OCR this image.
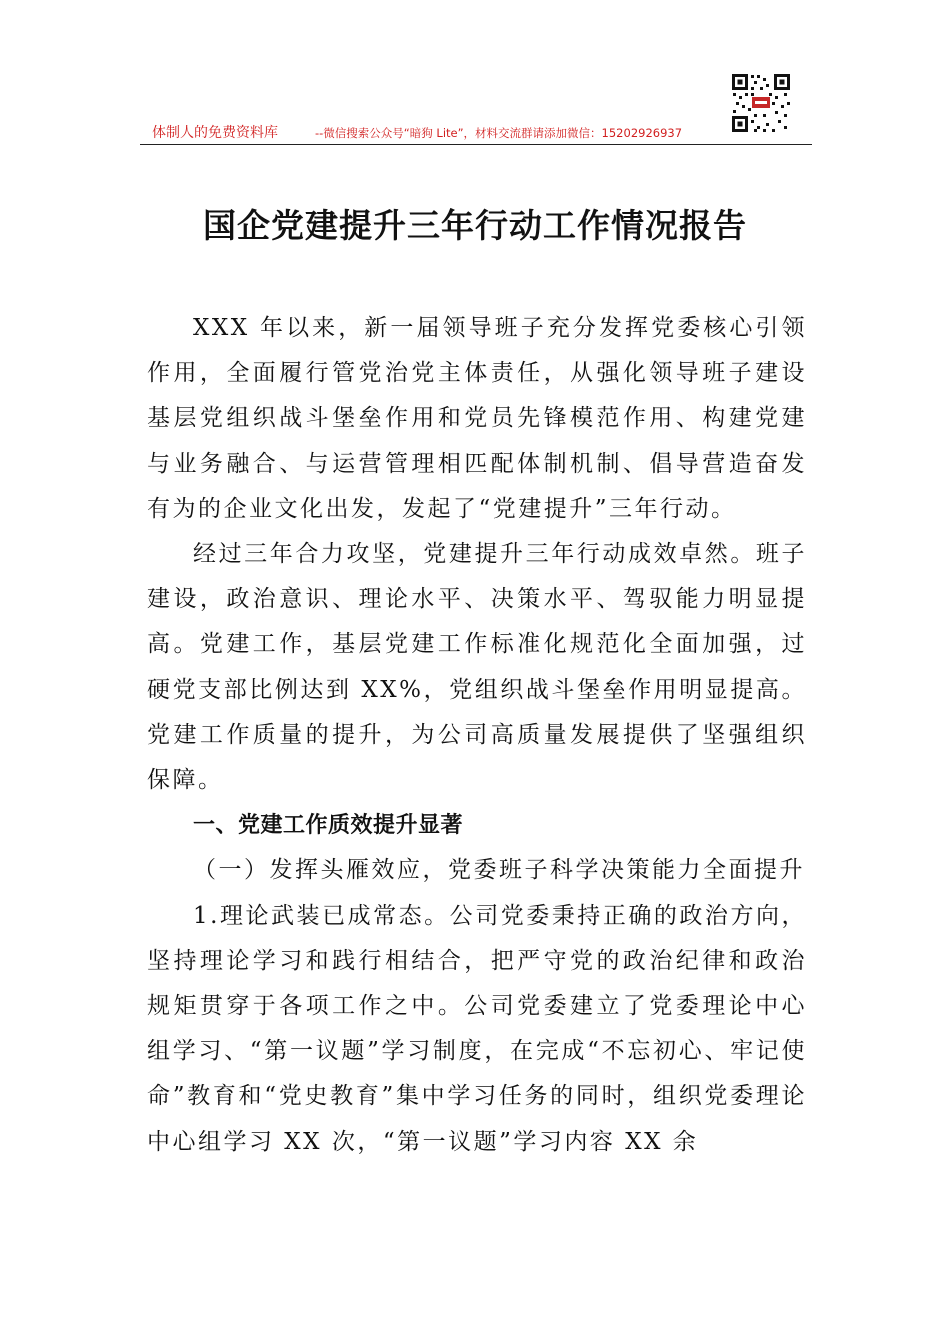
体制人的免费资料库	--微信搜索公众号“暗狗 Lite”，材料交流群请添加微信：15202926937
国企党建提升三年行动工作情况报告

XXX 年以来，新一届领导班子充分发挥党委核心引领作用，全面履行管党治党主体责任，从强化领导班子建设基层党组织战斗堡垒作用和党员先锋模范作用、构建党建与业务融合、与运营管理相匹配体制机制、倡导营造奋发有为的企业文化出发，发起了“党建提升”三年行动。

经过三年合力攻坚，党建提升三年行动成效卓然。班子建设，政治意识、理论水平、决策水平、驾驭能力明显提高。党建工作，基层党建工作标准化规范化全面加强，过硬党支部比例达到 XX%，党组织战斗堡垒作用明显提高。党建工作质量的提升，为公司高质量发展提供了坚强组织保障。

一、党建工作质效提升显著

（一）发挥头雁效应，党委班子科学决策能力全面提升

1.理论武装已成常态。公司党委秉持正确的政治方向，坚持理论学习和践行相结合，把严守党的政治纪律和政治规矩贯穿于各项工作之中。公司党委建立了党委理论中心组学习、“第一议题”学习制度，在完成“不忘初心、牢记使命”教育和“党史教育”集中学习任务的同时，组织党委理论中心组学习 XX 次，“第一议题”学习内容 XX 余
